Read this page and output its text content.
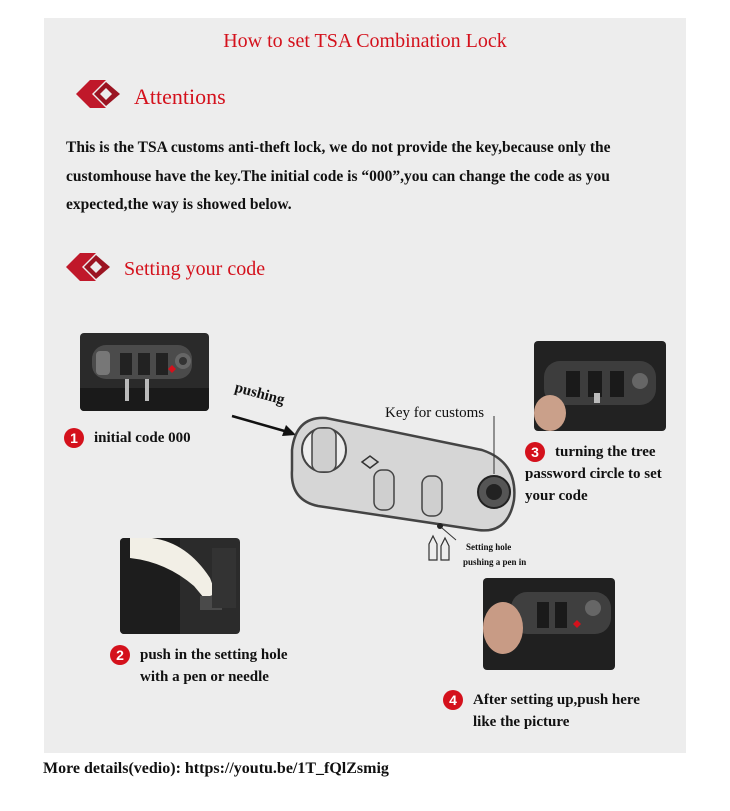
How to set TSA Combination Lock
Attentions
This is the TSA customs anti-theft lock, we do not provide the key,because only the
customhouse have the key.The initial code is “000”,you can change the code as you
expected,the way is showed below.
Setting your code
1	initial code 000
pushing
Key for customs
Setting hole
pushing a pen in
3	turning the tree
password circle to set
your code
2	push in the setting hole
with a pen or needle
4	After setting up,push here
like the picture
More details(vedio): https://youtu.be/1T_fQlZsmig
